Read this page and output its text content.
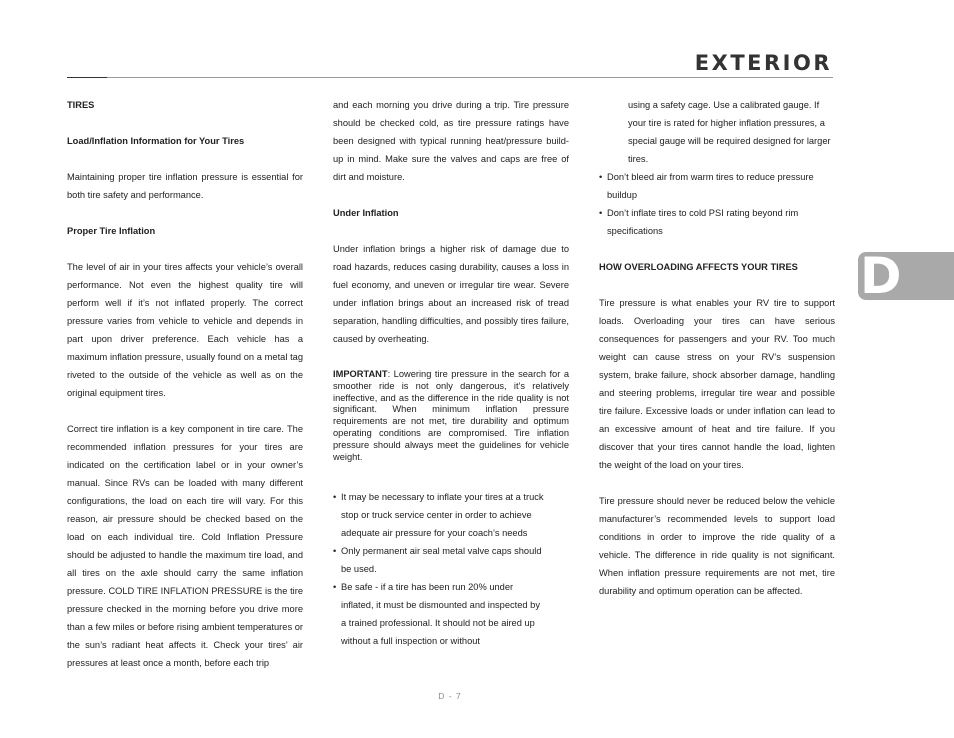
EXTERIOR
D

TIRES

Load/Inflation Information for Your Tires

Maintaining proper tire inflation pressure is essential for both tire safety and performance.

Proper Tire Inflation

The level of air in your tires affects your vehicle’s overall performance. Not even the highest quality tire will perform well if it’s not inflated properly. The correct pressure varies from vehicle to vehicle and depends in part upon driver preference. Each vehicle has a maximum inflation pressure, usually found on a metal tag riveted to the outside of the vehicle as well as on the original equipment tires.

Correct tire inflation is a key component in tire care. The recommended inflation pressures for your tires are indicated on the certification label or in your owner’s manual. Since RVs can be loaded with many different configurations, the load on each tire will vary. For this reason, air pressure should be checked based on the load on each individual tire. Cold Inflation Pressure should be adjusted to handle the maximum tire load, and all tires on the axle should carry the same inflation pressure. COLD TIRE INFLATION PRESSURE is the tire pressure checked in the morning before you drive more than a few miles or before rising ambient temperatures or the sun’s radiant heat affects it. Check your tires’ air pressures at least once a month, before each trip

and each morning you drive during a trip. Tire pressure should be checked cold, as tire pressure ratings have been designed with typical running heat/pressure build-up in mind. Make sure the valves and caps are free of dirt and moisture.

Under Inflation

Under inflation brings a higher risk of damage due to road hazards, reduces casing durability, causes a loss in fuel economy, and uneven or irregular tire wear. Severe under inflation brings about an increased risk of tread separation, handling difficulties, and possibly tires failure, caused by overheating.

IMPORTANT: Lowering tire pressure in the search for a smoother ride is not only dangerous, it’s relatively ineffective, and as the difference in the ride quality is not significant. When minimum inflation pressure requirements are not met, tire durability and optimum operating conditions are compromised. Tire inflation pressure should always meet the guidelines for vehicle weight.

• It may be necessary to inflate your tires at a truck stop or truck service center in order to achieve adequate air pressure for your coach’s needs
• Only permanent air seal metal valve caps should be used.
• Be safe - if a tire has been run 20% under inflated, it must be dismounted and inspected by a trained professional. It should not be aired up without a full inspection or without

using a safety cage. Use a calibrated gauge. If your tire is rated for higher inflation pressures, a special gauge will be required designed for larger tires.

• Don’t bleed air from warm tires to reduce pressure buildup
• Don’t inflate tires to cold PSI rating beyond rim specifications

HOW OVERLOADING AFFECTS YOUR TIRES

Tire pressure is what enables your RV tire to support loads. Overloading your tires can have serious consequences for passengers and your RV. Too much weight can cause stress on your RV’s suspension system, brake failure, shock absorber damage, handling and steering problems, irregular tire wear and possible tire failure. Excessive loads or under inflation can lead to an excessive amount of heat and tire failure. If you discover that your tires cannot handle the load, lighten the weight of the load on your tires.

Tire pressure should never be reduced below the vehicle manufacturer’s recommended levels to support load conditions in order to improve the ride quality of a vehicle. The difference in ride quality is not significant. When inflation pressure requirements are not met, tire durability and optimum operation can be affected.

D - 7
